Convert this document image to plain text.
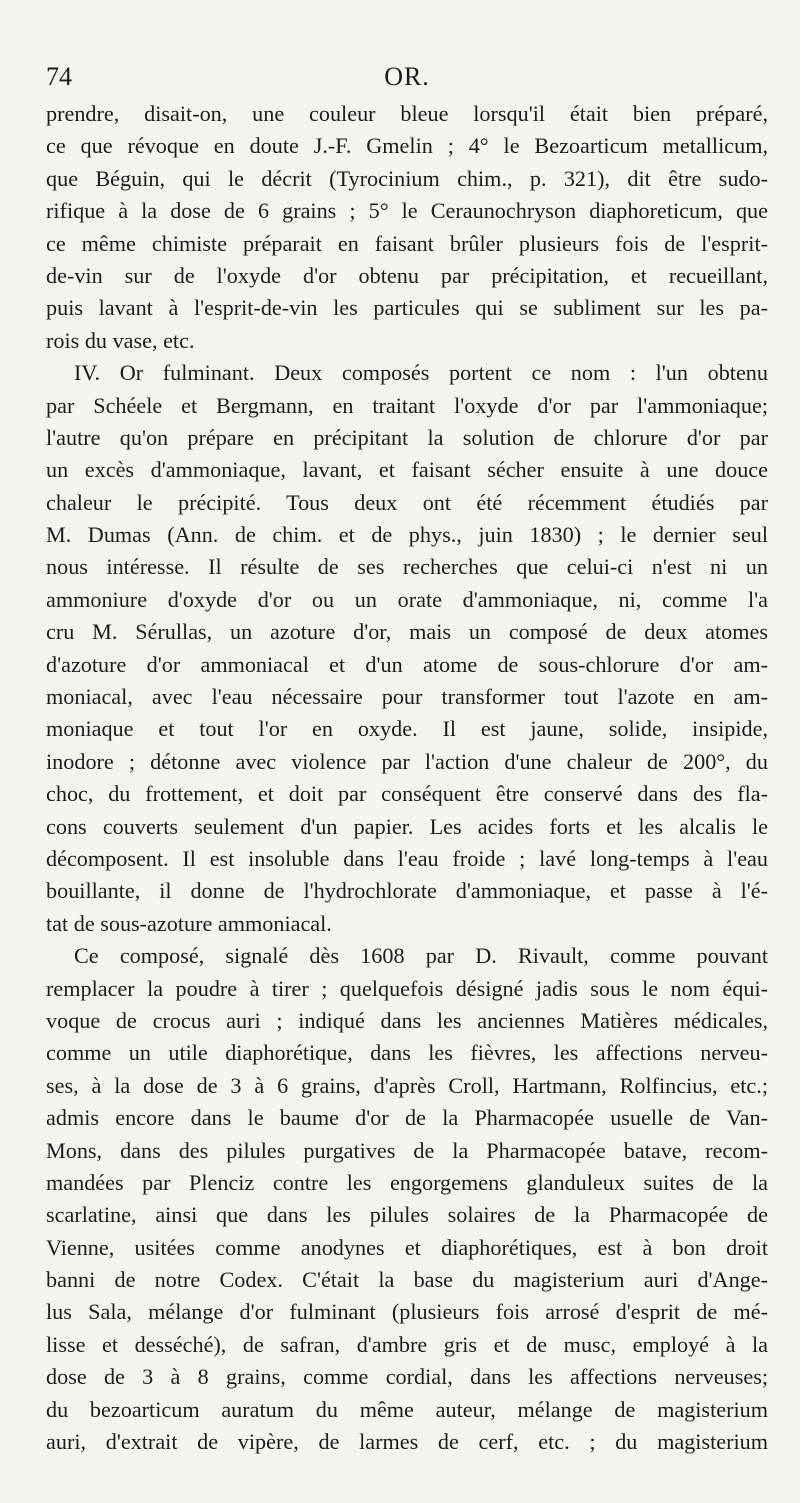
74	OR.
prendre, disait-on, une couleur bleue lorsqu'il était bien préparé,
ce que révoque en doute J.-F. Gmelin ; 4° le Bezoarticum metallicum,
que Béguin, qui le décrit (Tyrocinium chim., p. 321), dit être sudo-
rifique à la dose de 6 grains ; 5° le Ceraunochryson diaphoreticum, que
ce même chimiste préparait en faisant brûler plusieurs fois de l'esprit-
de-vin sur de l'oxyde d'or obtenu par précipitation, et recueillant,
puis lavant à l'esprit-de-vin les particules qui se subliment sur les pa-
rois du vase, etc.
IV. Or fulminant. Deux composés portent ce nom : l'un obtenu
par Schéele et Bergmann, en traitant l'oxyde d'or par l'ammoniaque;
l'autre qu'on prépare en précipitant la solution de chlorure d'or par
un excès d'ammoniaque, lavant, et faisant sécher ensuite à une douce
chaleur le précipité. Tous deux ont été récemment étudiés par
M. Dumas (Ann. de chim. et de phys., juin 1830) ; le dernier seul
nous intéresse. Il résulte de ses recherches que celui-ci n'est ni un
ammoniure d'oxyde d'or ou un orate d'ammoniaque, ni, comme l'a
cru M. Sérullas, un azoture d'or, mais un composé de deux atomes
d'azoture d'or ammoniacal et d'un atome de sous-chlorure d'or am-
moniacal, avec l'eau nécessaire pour transformer tout l'azote en am-
moniaque et tout l'or en oxyde. Il est jaune, solide, insipide,
inodore ; détonne avec violence par l'action d'une chaleur de 200°, du
choc, du frottement, et doit par conséquent être conservé dans des fla-
cons couverts seulement d'un papier. Les acides forts et les alcalis le
décomposent. Il est insoluble dans l'eau froide ; lavé long-temps à l'eau
bouillante, il donne de l'hydrochlorate d'ammoniaque, et passe à l'é-
tat de sous-azoture ammoniacal.
Ce composé, signalé dès 1608 par D. Rivault, comme pouvant
remplacer la poudre à tirer ; quelquefois désigné jadis sous le nom équi-
voque de crocus auri ; indiqué dans les anciennes Matières médicales,
comme un utile diaphorétique, dans les fièvres, les affections nerveu-
ses, à la dose de 3 à 6 grains, d'après Croll, Hartmann, Rolfincius, etc.;
admis encore dans le baume d'or de la Pharmacopée usuelle de Van-
Mons, dans des pilules purgatives de la Pharmacopée batave, recom-
mandées par Plenciz contre les engorgemens glanduleux suites de la
scarlatine, ainsi que dans les pilules solaires de la Pharmacopée de
Vienne, usitées comme anodynes et diaphorétiques, est à bon droit
banni de notre Codex. C'était la base du magisterium auri d'Ange-
lus Sala, mélange d'or fulminant (plusieurs fois arrosé d'esprit de mé-
lisse et desséché), de safran, d'ambre gris et de musc, employé à la
dose de 3 à 8 grains, comme cordial, dans les affections nerveuses;
du bezoarticum auratum du même auteur, mélange de magisterium
auri, d'extrait de vipère, de larmes de cerf, etc. ; du magisterium
